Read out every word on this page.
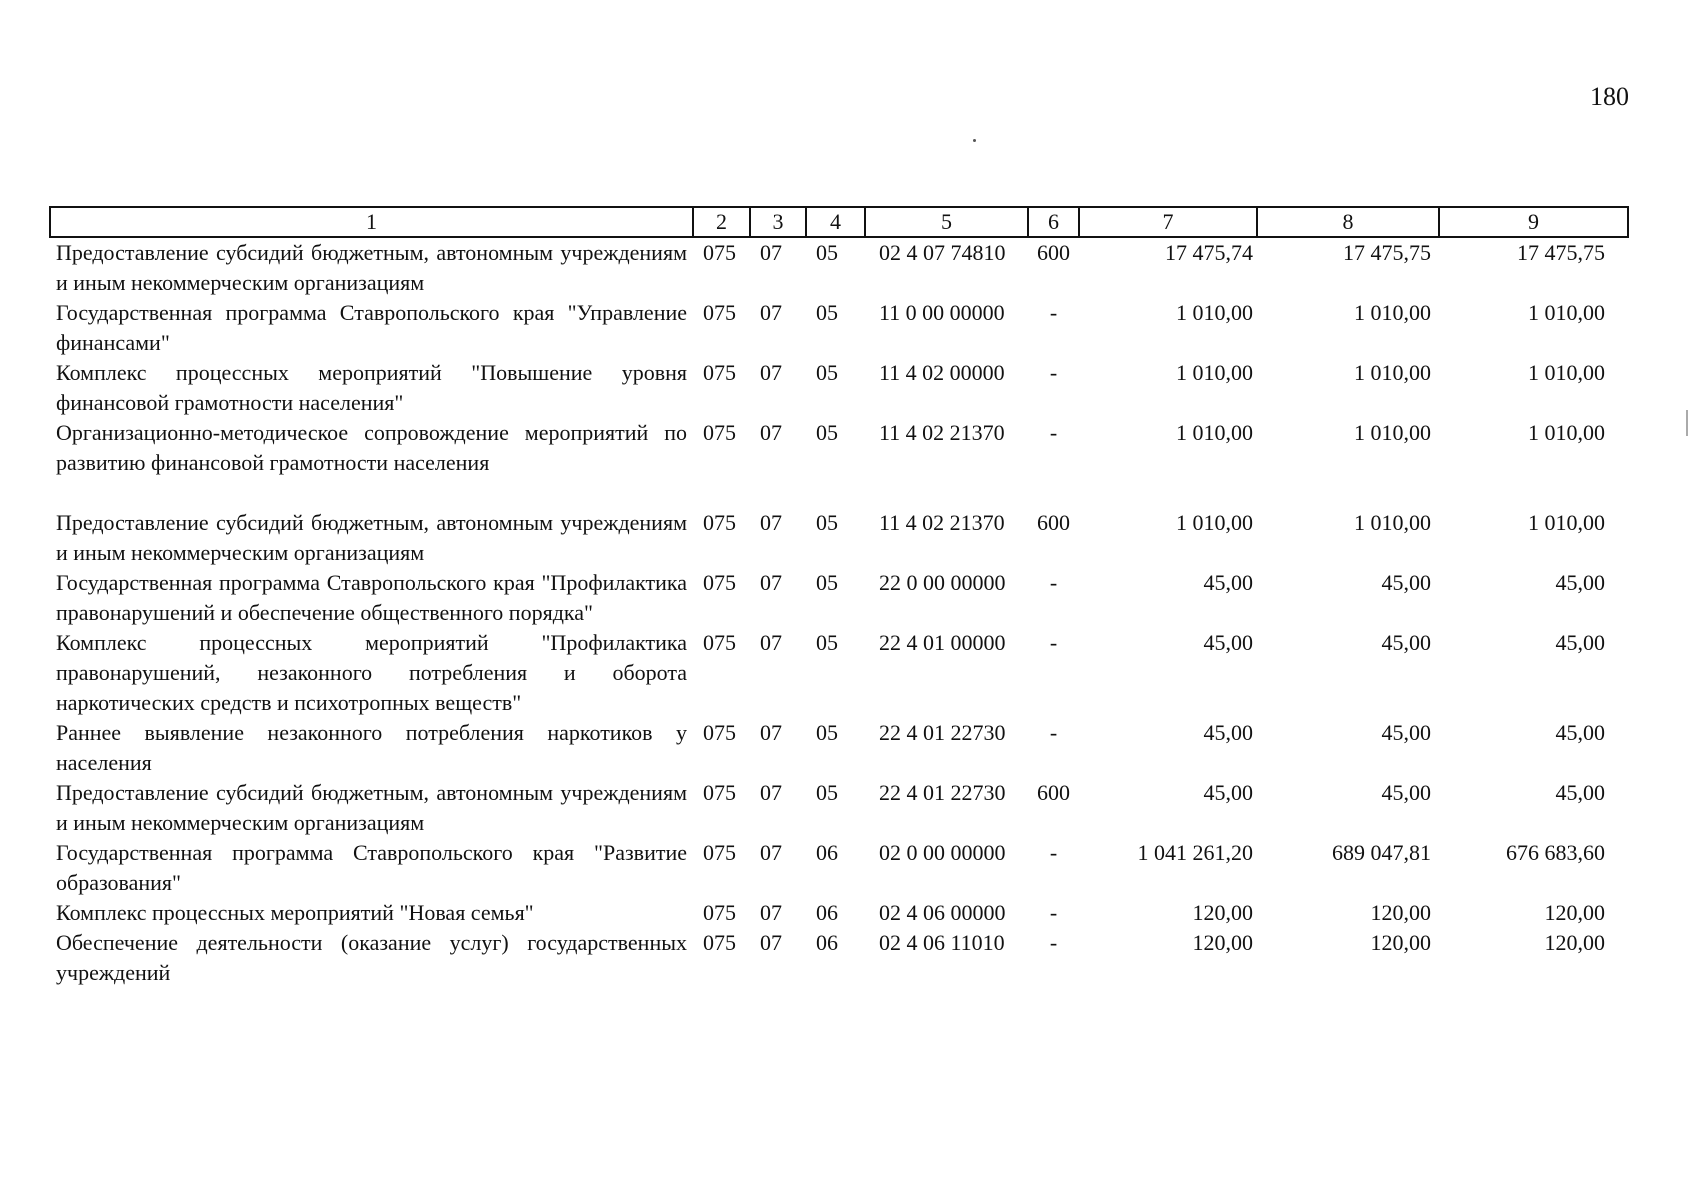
180
1	2	3	4	5	6	7	8	9
Предоставление субсидий бюджетным, автономным учреждениям и иным некоммерческим организациям	075	07	05	02 4 07 74810	600	17 475,74	17 475,75	17 475,75
Государственная программа Ставропольского края "Управление финансами"	075	07	05	11 0 00 00000	-	1 010,00	1 010,00	1 010,00
Комплекс процессных мероприятий "Повышение уровня финансовой грамотности населения"	075	07	05	11 4 02 00000	-	1 010,00	1 010,00	1 010,00
Организационно-методическое сопровождение мероприятий по развитию финансовой грамотности населения	075	07	05	11 4 02 21370	-	1 010,00	1 010,00	1 010,00

Предоставление субсидий бюджетным, автономным учреждениям и иным некоммерческим организациям	075	07	05	11 4 02 21370	600	1 010,00	1 010,00	1 010,00
Государственная программа Ставропольского края "Профилактика правонарушений и обеспечение общественного порядка"	075	07	05	22 0 00 00000	-	45,00	45,00	45,00
Комплекс процессных мероприятий "Профилактика правонарушений, незаконного потребления и оборота наркотических средств и психотропных веществ"	075	07	05	22 4 01 00000	-	45,00	45,00	45,00
Раннее выявление незаконного потребления наркотиков у населения	075	07	05	22 4 01 22730	-	45,00	45,00	45,00
Предоставление субсидий бюджетным, автономным учреждениям и иным некоммерческим организациям	075	07	05	22 4 01 22730	600	45,00	45,00	45,00
Государственная программа Ставропольского края "Развитие образования"	075	07	06	02 0 00 00000	-	1 041 261,20	689 047,81	676 683,60
Комплекс процессных мероприятий "Новая семья"	075	07	06	02 4 06 00000	-	120,00	120,00	120,00
Обеспечение деятельности (оказание услуг) государственных учреждений	075	07	06	02 4 06 11010	-	120,00	120,00	120,00
